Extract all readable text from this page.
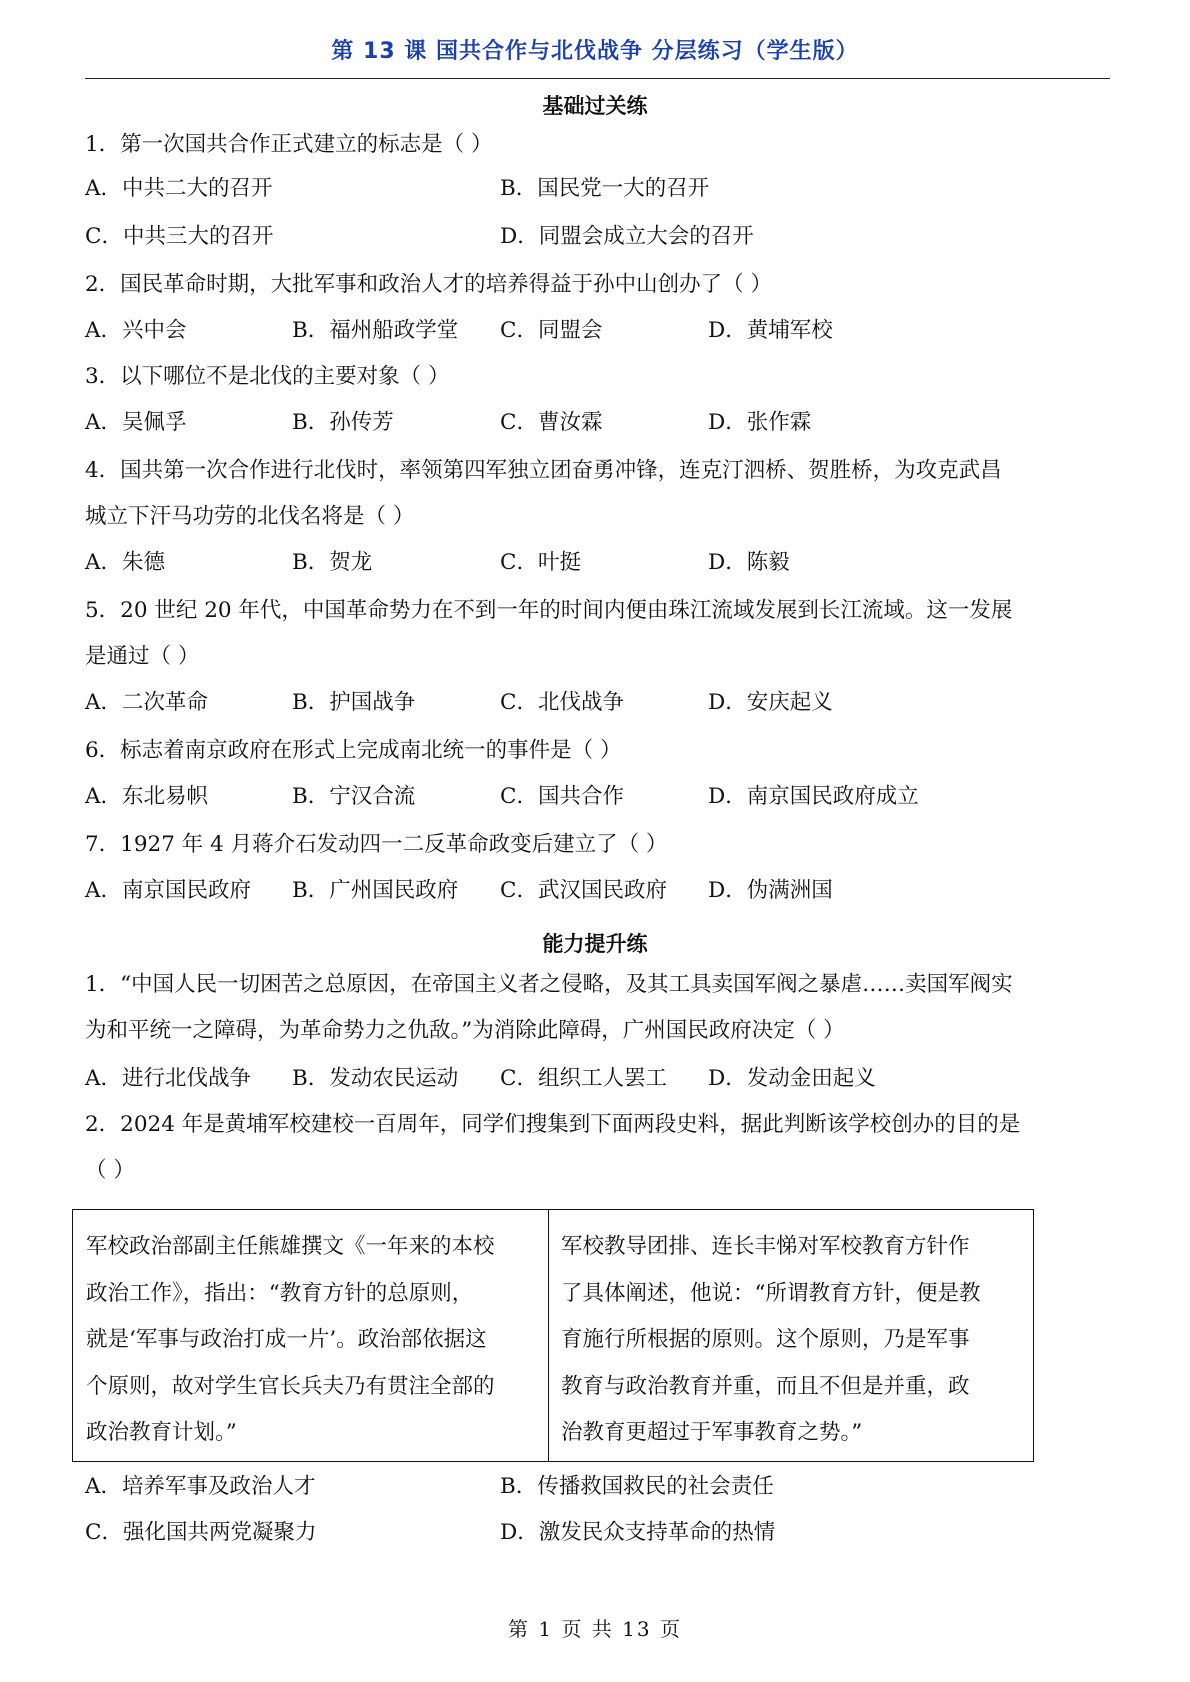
第 13 课 国共合作与北伐战争 分层练习（学生版）
基础过关练
1．第一次国共合作正式建立的标志是（ ）
A．中共二大的召开	B．国民党一大的召开
C．中共三大的召开	D．同盟会成立大会的召开
2．国民革命时期，大批军事和政治人才的培养得益于孙中山创办了（ ）
A．兴中会	B．福州船政学堂 C．同盟会	D．黄埔军校
3．以下哪位不是北伐的主要对象（ ）
A．吴佩孚	B．孙传芳	C．曹汝霖	D．张作霖
4．国共第一次合作进行北伐时，率领第四军独立团奋勇冲锋，连克汀泗桥、贺胜桥，为攻克武昌
城立下汗马功劳的北伐名将是（ ）
A．朱德	B．贺龙	C．叶挺	D．陈毅
5．20 世纪 20 年代，中国革命势力在不到一年的时间内便由珠江流域发展到长江流域。这一发展
是通过（ ）
A．二次革命	B．护国战争	C．北伐战争	D．安庆起义
6．标志着南京政府在形式上完成南北统一的事件是（ ）
A．东北易帜	B．宁汉合流	C．国共合作	D．南京国民政府成立
7．1927 年 4 月蒋介石发动四一二反革命政变后建立了（ ）
A．南京国民政府 B．广州国民政府 C．武汉国民政府 D．伪满洲国
能力提升练
1．“中国人民一切困苦之总原因，在帝国主义者之侵略，及其工具卖国军阀之暴虐……卖国军阀实
为和平统一之障碍，为革命势力之仇敌。”为消除此障碍，广州国民政府决定（ ）
A．进行北伐战争 B．发动农民运动 C．组织工人罢工 D．发动金田起义
2．2024 年是黄埔军校建校一百周年，同学们搜集到下面两段史料，据此判断该学校创办的目的是
（ ）
军校政治部副主任熊雄撰文《一年来的本校
政治工作》，指出：“教育方针的总原则，
就是‘军事与政治打成一片’。政治部依据这
个原则，故对学生官长兵夫乃有贯注全部的
政治教育计划。”
军校教导团排、连长丰悌对军校教育方针作
了具体阐述，他说：“所谓教育方针，便是教
育施行所根据的原则。这个原则，乃是军事
教育与政治教育并重，而且不但是并重，政
治教育更超过于军事教育之势。”
A．培养军事及政治人才	B．传播救国救民的社会责任
C．强化国共两党凝聚力	D．激发民众支持革命的热情
第 1 页 共 13 页
